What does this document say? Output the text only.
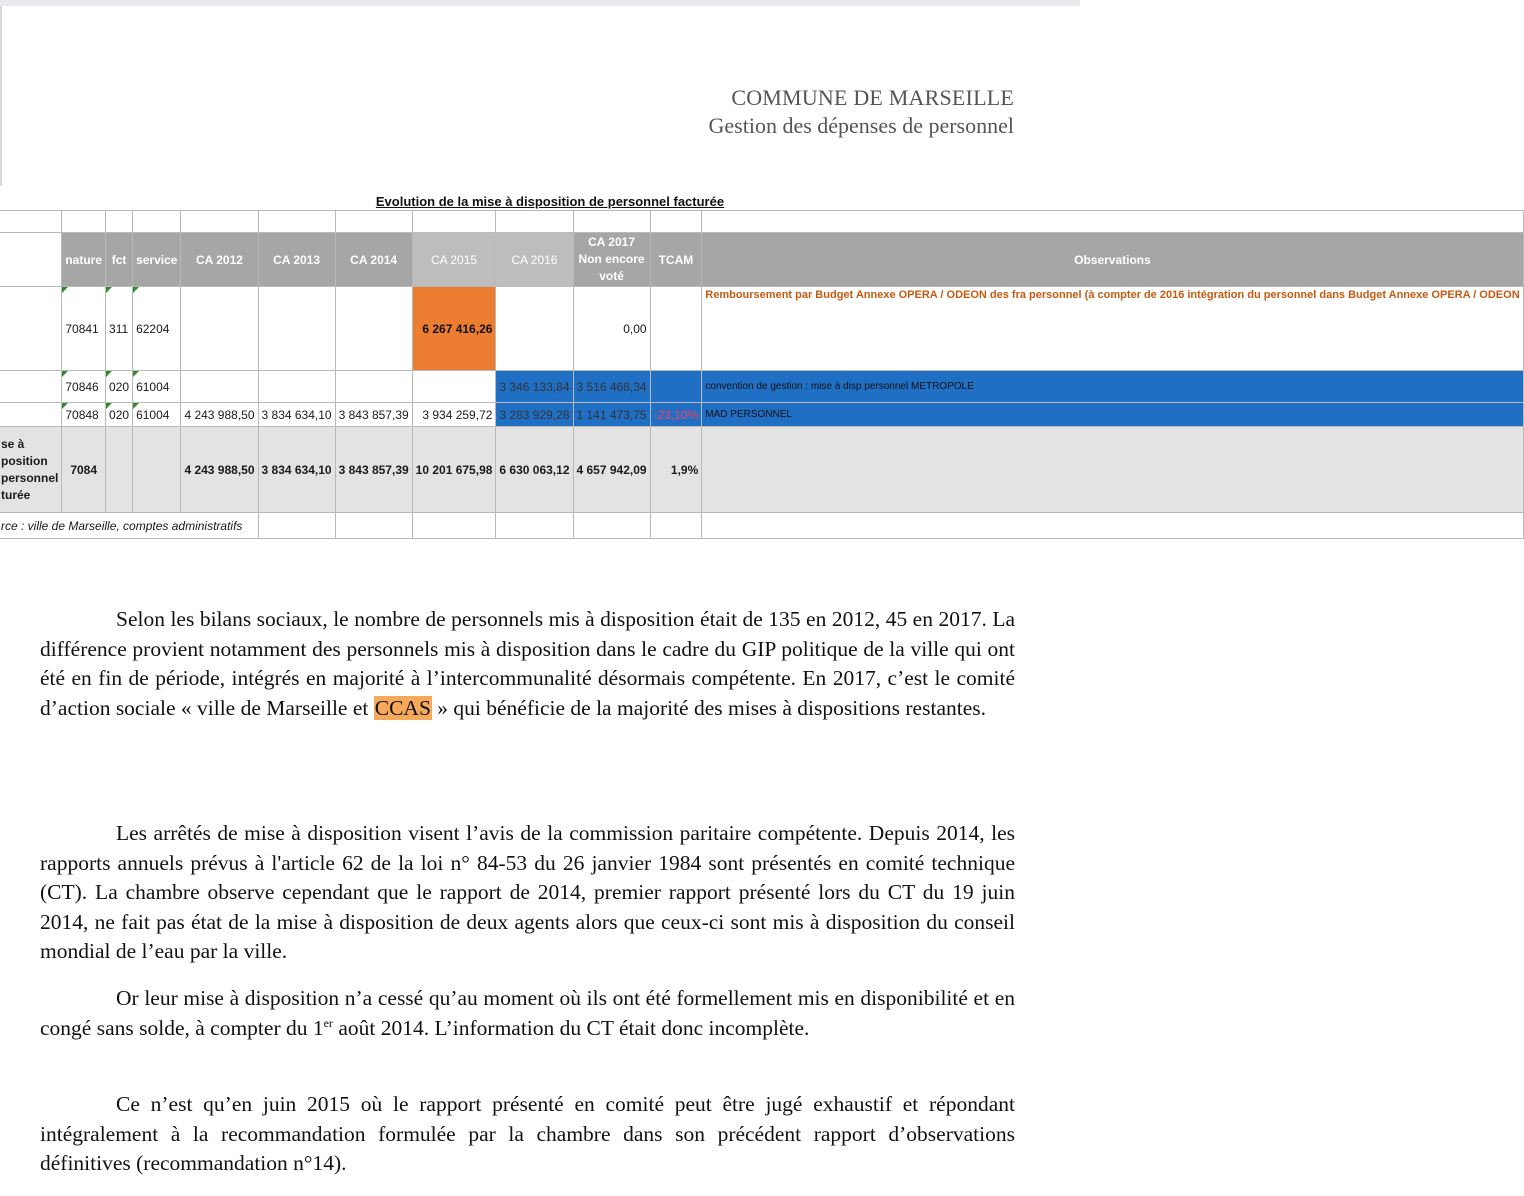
COMMUNE DE MARSEILLE
Gestion des dépenses de personnel
Evolution de la mise à disposition de personnel facturée

	nature	fct	service	CA 2012	CA 2013	CA 2014	CA 2015	CA 2016	CA 2017 Non encore voté	TCAM	Observations
	70841	311	62204				6 267 416,26		0,00		Remboursement par Budget Annexe OPERA / ODEON des fra personnel (à compter de 2016 intégration du personnel dans Budget Annexe OPERA / ODEON
	70846	020	61004					3 346 133,84	3 516 468,34		convention de gestion : mise à disp personnel METROPOLE
	70848	020	61004	4 243 988,50	3 834 634,10	3 843 857,39	3 934 259,72	3 283 929,28	1 141 473,75	-23,10%	MAD PERSONNEL
se à position personnel turée	7084			4 243 988,50	3 834 634,10	3 843 857,39	10 201 675,98	6 630 063,12	4 657 942,09	1,9%	
rce : ville de Marseille, comptes administratifs											

Selon les bilans sociaux, le nombre de personnels mis à disposition était de 135 en 2012, 45 en 2017. La différence provient notamment des personnels mis à disposition dans le cadre du GIP politique de la ville qui ont été en fin de période, intégrés en majorité à l’intercommunalité désormais compétente. En 2017, c’est le comité d’action sociale « ville de Marseille et CCAS » qui bénéficie de la majorité des mises à dispositions restantes.

Les arrêtés de mise à disposition visent l’avis de la commission paritaire compétente. Depuis 2014, les rapports annuels prévus à l'article 62 de la loi n° 84-53 du 26 janvier 1984 sont présentés en comité technique (CT). La chambre observe cependant que le rapport de 2014, premier rapport présenté lors du CT du 19 juin 2014, ne fait pas état de la mise à disposition de deux agents alors que ceux-ci sont mis à disposition du conseil mondial de l’eau par la ville.

Or leur mise à disposition n’a cessé qu’au moment où ils ont été formellement mis en disponibilité et en congé sans solde, à compter du 1er août 2014. L’information du CT était donc incomplète.

Ce n’est qu’en juin 2015 où le rapport présenté en comité peut être jugé exhaustif et répondant intégralement à la recommandation formulée par la chambre dans son précédent rapport d’observations définitives (recommandation n°14).
